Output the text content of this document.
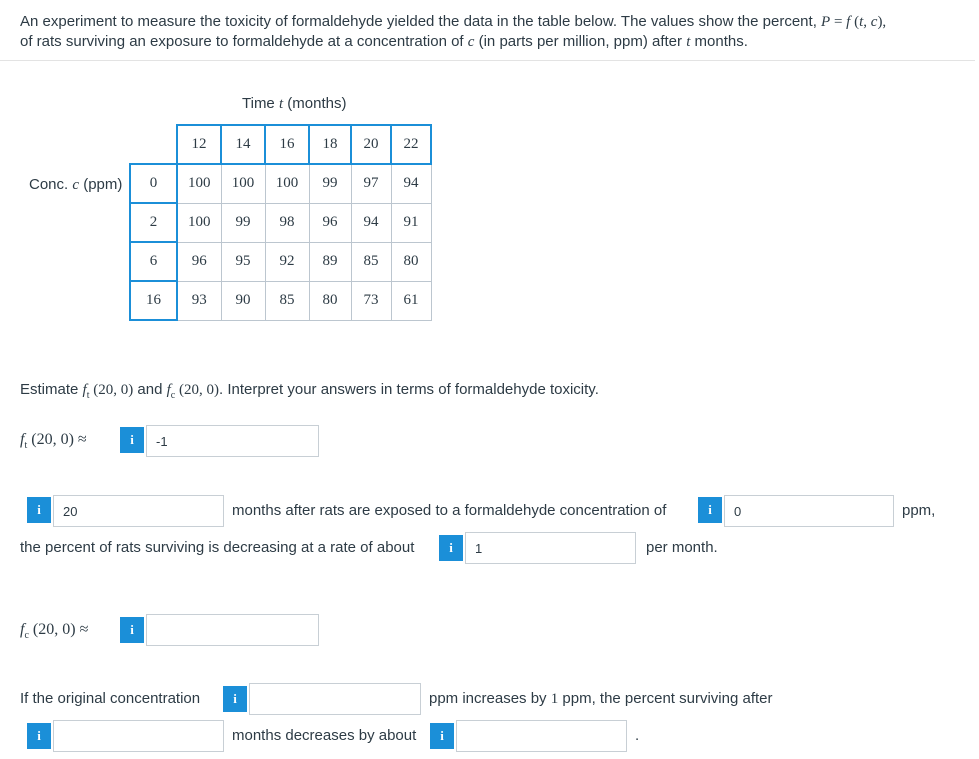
An experiment to measure the toxicity of formaldehyde yielded the data in the table below. The values show the percent, P = f (t, c),
of rats surviving an exposure to formaldehyde at a concentration of c (in parts per million, ppm) after t months.
Time t (months)
Conc. c (ppm)
	12	14	16	18	20	22
0	100	100	100	99	97	94
2	100	99	98	96	94	91
6	96	95	92	89	85	80
16	93	90	85	80	73	61
Estimate $f_t$ (20, 0) and $f_c$ (20, 0). Interpret your answers in terms of formaldehyde toxicity.
$f_t$ (20, 0) ≈	i	-1
i	20	months after rats are exposed to a formaldehyde concentration of	i	0	ppm,
the percent of rats surviving is decreasing at a rate of about	i	1	per month.
$f_c$ (20, 0) ≈	i
If the original concentration	i	ppm increases by 1 ppm, the percent surviving after
i	months decreases by about	i	.
